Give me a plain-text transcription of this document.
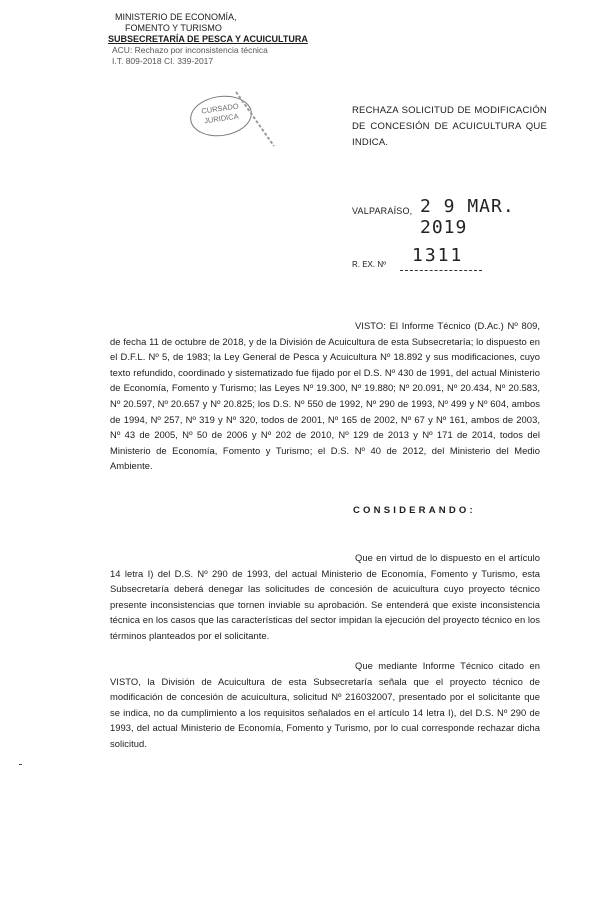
MINISTERIO DE ECONOMÍA,
FOMENTO Y TURISMO
SUBSECRETARÍA DE PESCA Y ACUICULTURA
ACU: Rechazo por inconsistencia técnica
I.T. 809-2018 CI. 339-2017
CURSADO
JURIDICA
RECHAZA SOLICITUD DE MODIFICACIÓN DE CONCESIÓN DE ACUICULTURA QUE INDICA.
VALPARAÍSO, 2 9 MAR. 2019
R. EX. Nº 1311
VISTO: El Informe Técnico (D.Ac.) Nº 809, de fecha 11 de octubre de 2018, y de la División de Acuicultura de esta Subsecretaría; lo dispuesto en el D.F.L. Nº 5, de 1983; la Ley General de Pesca y Acuicultura Nº 18.892 y sus modificaciones, cuyo texto refundido, coordinado y sistematizado fue fijado por el D.S. Nº 430 de 1991, del actual Ministerio de Economía, Fomento y Turismo; las Leyes Nº 19.300, Nº 19.880; Nº 20.091, Nº 20.434, Nº 20.583, Nº 20.597, Nº 20.657 y Nº 20.825; los D.S. Nº 550 de 1992, Nº 290 de 1993, Nº 499 y Nº 604, ambos de 1994, Nº 257, Nº 319 y Nº 320, todos de 2001, Nº 165 de 2002, Nº 67 y Nº 161, ambos de 2003, Nº 43 de 2005, Nº 50 de 2006 y Nº 202 de 2010, Nº 129 de 2013 y Nº 171 de 2014, todos del Ministerio de Economía, Fomento y Turismo; el D.S. Nº 40 de 2012, del Ministerio del Medio Ambiente.
CONSIDERANDO:
Que en virtud de lo dispuesto en el artículo 14 letra I) del D.S. Nº 290 de 1993, del actual Ministerio de Economía, Fomento y Turismo, esta Subsecretaría deberá denegar las solicitudes de concesión de acuicultura cuyo proyecto técnico presente inconsistencias que tornen inviable su aprobación. Se entenderá que existe inconsistencia técnica en los casos que las características del sector impidan la ejecución del proyecto técnico en los términos planteados por el solicitante.
Que mediante Informe Técnico citado en VISTO, la División de Acuicultura de esta Subsecretaría señala que el proyecto técnico de modificación de concesión de acuicultura, solicitud Nº 216032007, presentado por el solicitante que se indica, no da cumplimiento a los requisitos señalados en el artículo 14 letra I), del D.S. Nº 290 de 1993, del actual Ministerio de Economía, Fomento y Turismo, por lo cual corresponde rechazar dicha solicitud.
